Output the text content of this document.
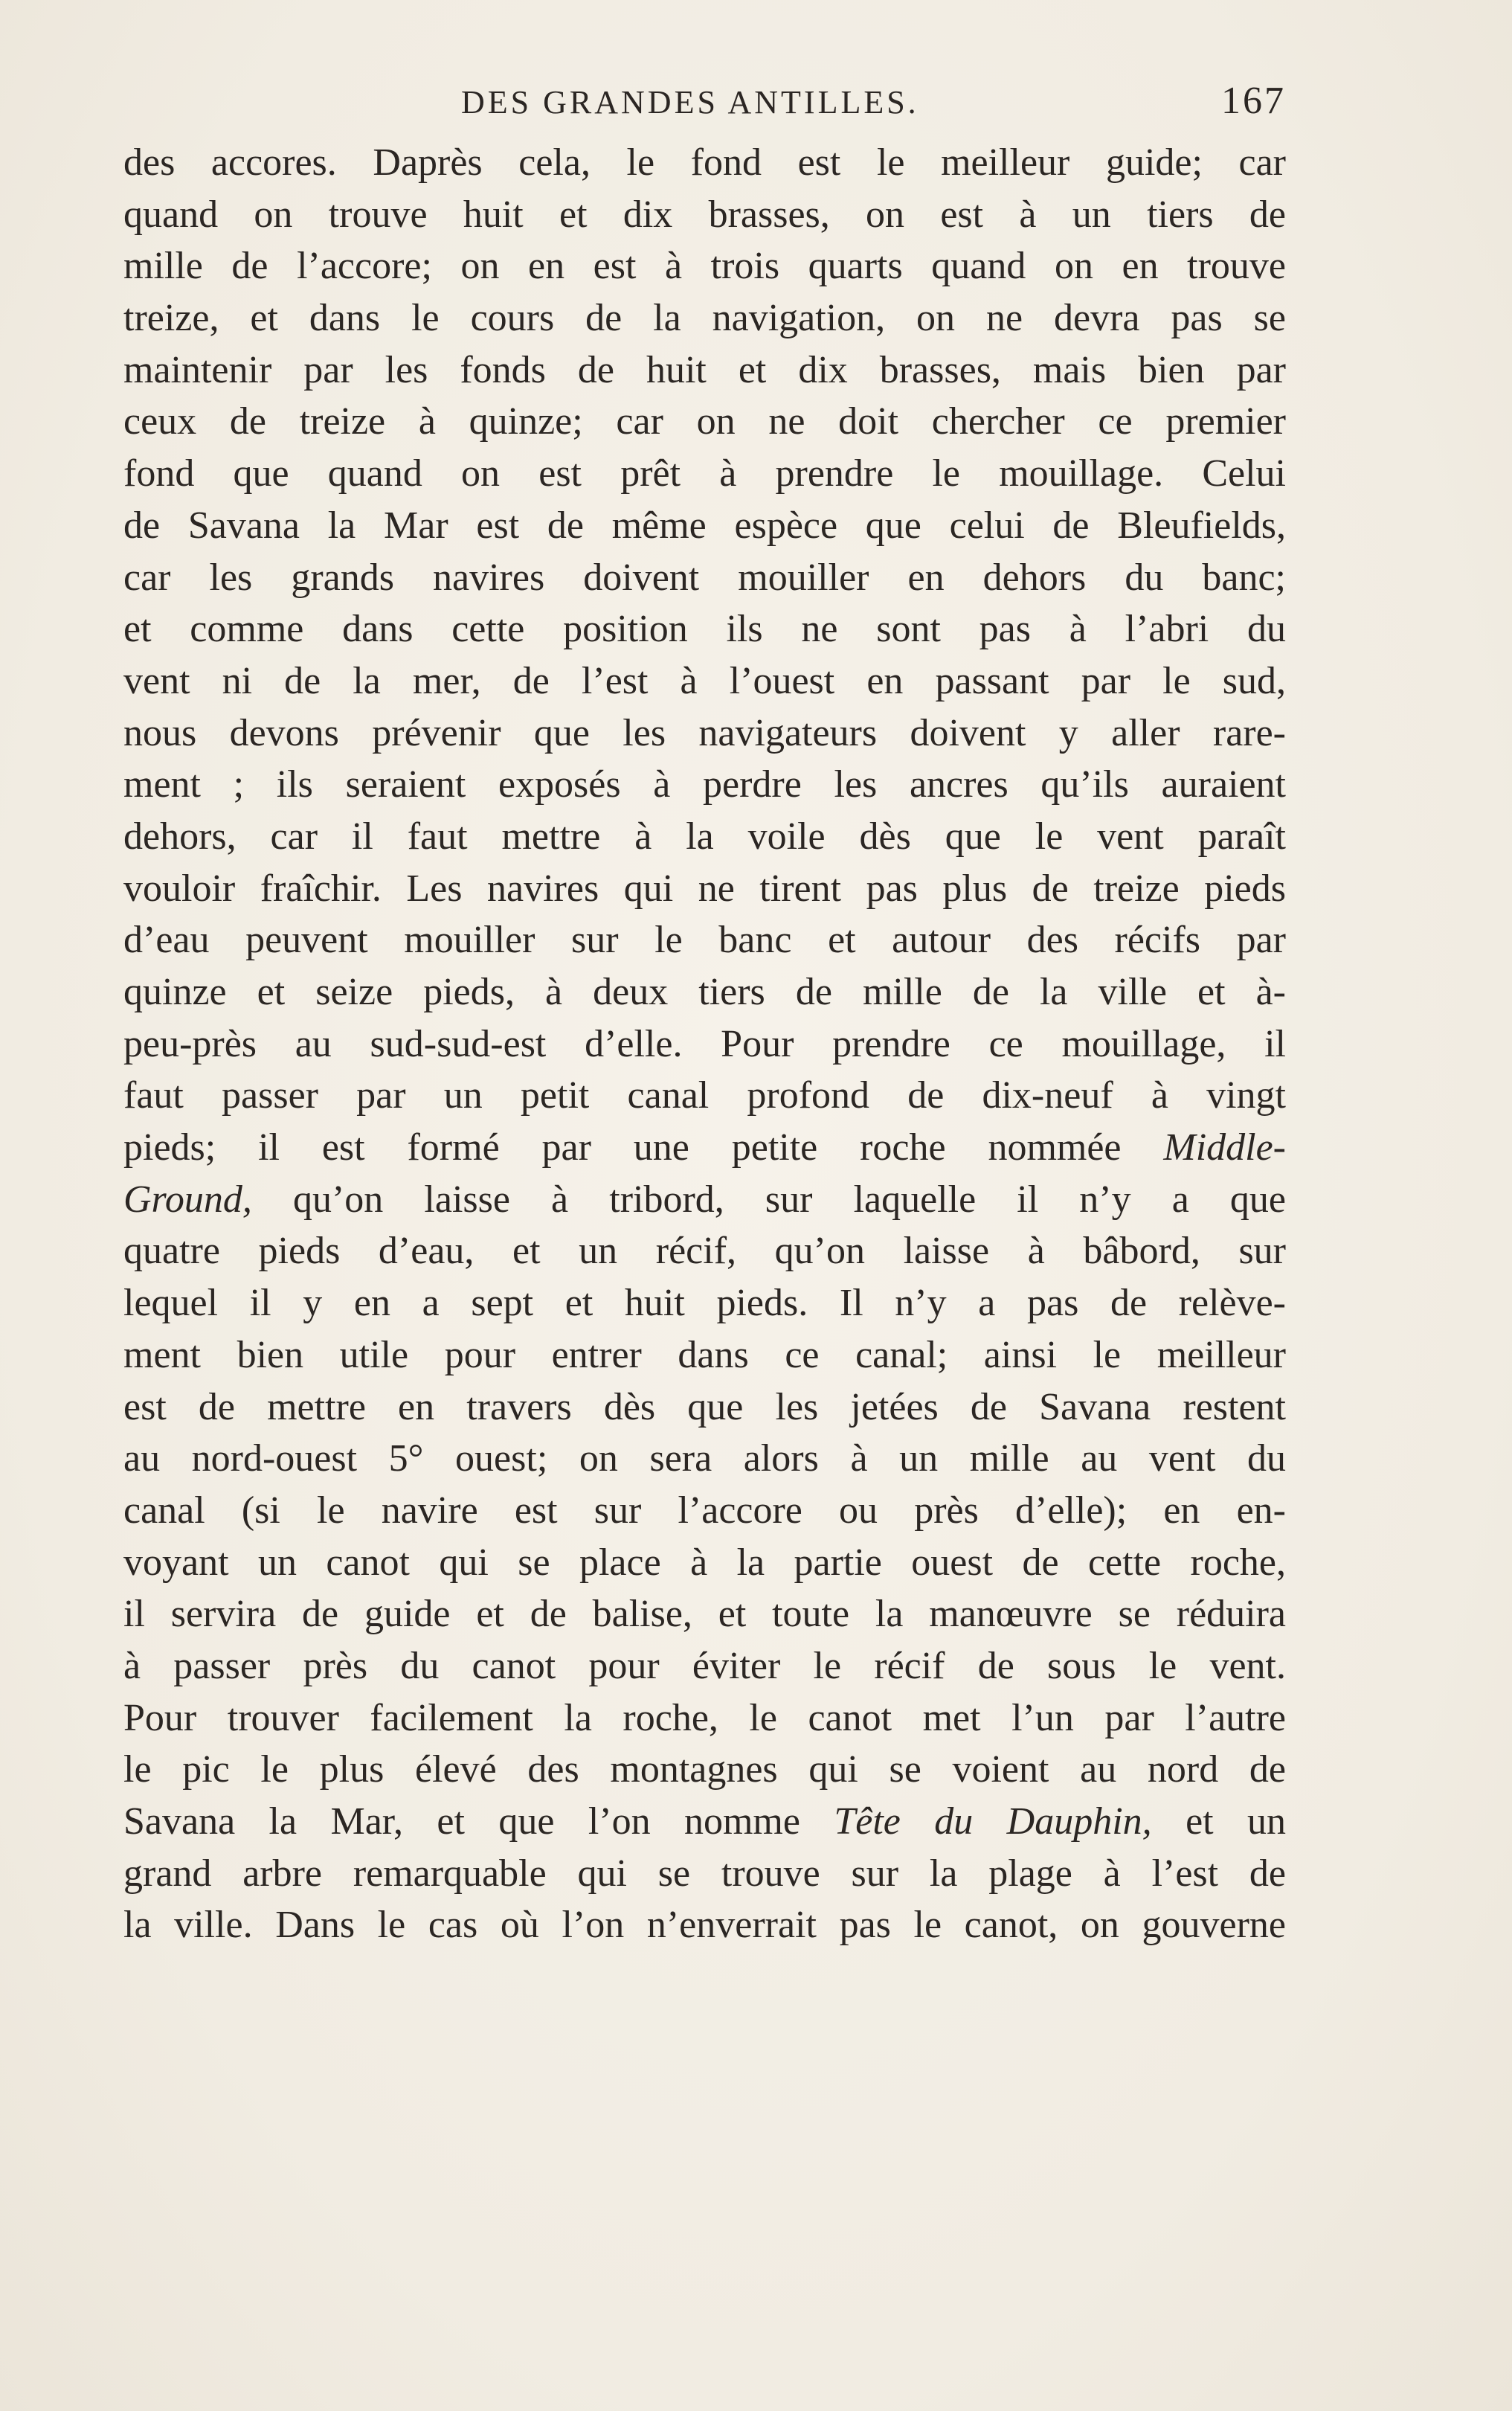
DES GRANDES ANTILLES.	167
des accores. Daprès cela, le fond est le meilleur guide; car
quand on trouve huit et dix brasses, on est à un tiers de
mille de l’accore; on en est à trois quarts quand on en trouve
treize, et dans le cours de la navigation, on ne devra pas se
maintenir par les fonds de huit et dix brasses, mais bien par
ceux de treize à quinze; car on ne doit chercher ce premier
fond que quand on est prêt à prendre le mouillage. Celui
de Savana la Mar est de même espèce que celui de Bleufields,
car les grands navires doivent mouiller en dehors du banc;
et comme dans cette position ils ne sont pas à l’abri du
vent ni de la mer, de l’est à l’ouest en passant par le sud,
nous devons prévenir que les navigateurs doivent y aller rare-
ment ; ils seraient exposés à perdre les ancres qu’ils auraient
dehors, car il faut mettre à la voile dès que le vent paraît
vouloir fraîchir. Les navires qui ne tirent pas plus de treize pieds
d’eau peuvent mouiller sur le banc et autour des récifs par
quinze et seize pieds, à deux tiers de mille de la ville et à-
peu-près au sud-sud-est d’elle. Pour prendre ce mouillage, il
faut passer par un petit canal profond de dix-neuf à vingt
pieds; il est formé par une petite roche nommée Middle-
Ground, qu’on laisse à tribord, sur laquelle il n’y a que
quatre pieds d’eau, et un récif, qu’on laisse à bâbord, sur
lequel il y en a sept et huit pieds. Il n’y a pas de relève-
ment bien utile pour entrer dans ce canal; ainsi le meilleur
est de mettre en travers dès que les jetées de Savana restent
au nord-ouest 5° ouest; on sera alors à un mille au vent du
canal (si le navire est sur l’accore ou près d’elle); en en-
voyant un canot qui se place à la partie ouest de cette roche,
il servira de guide et de balise, et toute la manœuvre se réduira
à passer près du canot pour éviter le récif de sous le vent.
Pour trouver facilement la roche, le canot met l’un par l’autre
le pic le plus élevé des montagnes qui se voient au nord de
Savana la Mar, et que l’on nomme Tête du Dauphin, et un
grand arbre remarquable qui se trouve sur la plage à l’est de
la ville. Dans le cas où l’on n’enverrait pas le canot, on gouverne
